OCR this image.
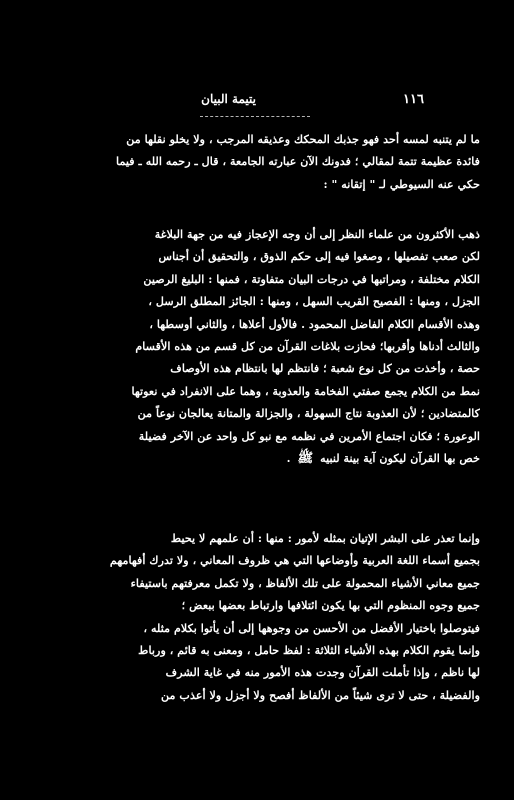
١١٦
يتيمة البيان
ما لم يتنبه لمسه أحد فهو جذبك المحكك وعذيقه المرجب ، ولا يخلو نقلها من
فائدة عظيمة تتمة لمقالي ؛ فدونك الآن عبارته الجامعة ، قال ـ رحمه الله ـ فيما
حكي عنه السيوطي لـ " إتقانه " :
ذهب الأكثرون من علماء النظر إلى أن وجه الإعجاز فيه من جهة البلاغة
لكن صعب تفصيلها ، وصغوا فيه إلى حكم الذوق ، والتحقيق أن أجناس
الكلام مختلفة ، ومراتبها في درجات البيان متفاوتة ، فمنها : البليغ الرصين
الجزل ، ومنها : الفصيح القريب السهل ، ومنها : الجائز المطلق الرسل ،
وهذه الأقسام الكلام الفاضل المحمود . فالأول أعلاها ، والثاني أوسطها ،
والثالث أدناها وأقربها؛ فحازت بلاغات القرآن من كل قسم من هذه الأقسام
حصة ، وأخذت من كل نوع شعبة ؛ فانتظم لها بانتظام هذه الأوصاف
نمط من الكلام يجمع صفتي الفخامة والعذوبة ، وهما على الانفراد في نعوتها
كالمتضادين ؛ لأن العذوبة نتاج السهولة ، والجزالة والمتانة يعالجان نوعاً من
الوعورة ؛ فكان اجتماع الأمرين في نظمه مع نبو كل واحد عن الآخر فضيلة
خص بها القرآن ليكون آية بينة لنبيه ﷺ .
وإنما تعذر على البشر الإتيان بمثله لأمور : منها : أن علمهم لا يحيط
بجميع أسماء اللغة العربية وأوضاعها التي هي ظروف المعاني ، ولا تدرك أفهامهم
جميع معاني الأشياء المحمولة على تلك الألفاظ ، ولا تكمل معرفتهم باستيفاء
جميع وجوه المنظوم التي بها يكون ائتلافها وارتباط بعضها ببعض ؛
فيتوصلوا باختيار الأفضل من الأحسن من وجوهها إلى أن يأتوا بكلام مثله ،
وإنما يقوم الكلام بهذه الأشياء الثلاثة : لفظ حامل ، ومعنى به قائم ، ورباط
لها ناظم ، وإذا تأملت القرآن وجدت هذه الأمور منه في غاية الشرف
والفضيلة ، حتى لا ترى شيئاً من الألفاظ أفصح ولا أجزل ولا أعذب من
